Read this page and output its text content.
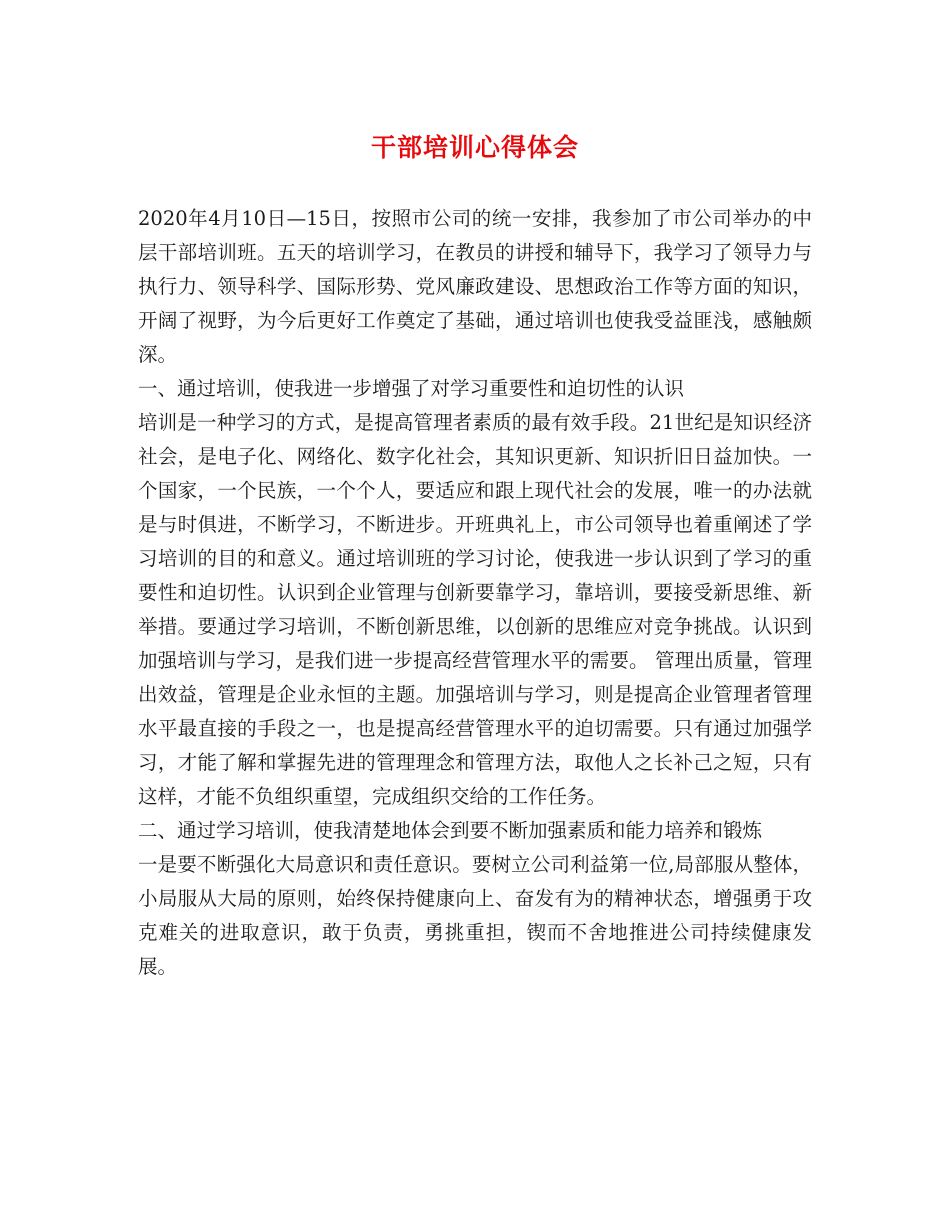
干部培训心得体会

2020年4月10日—15日，按照市公司的统一安排，我参加了市公司举办的中层干部培训班。五天的培训学习，在教员的讲授和辅导下，我学习了领导力与执行力、领导科学、国际形势、党风廉政建设、思想政治工作等方面的知识，开阔了视野，为今后更好工作奠定了基础，通过培训也使我受益匪浅，感触颇深。

一、通过培训，使我进一步增强了对学习重要性和迫切性的认识

培训是一种学习的方式，是提高管理者素质的最有效手段。21世纪是知识经济社会，是电子化、网络化、数字化社会，其知识更新、知识折旧日益加快。一个国家，一个民族，一个个人，要适应和跟上现代社会的发展，唯一的办法就是与时俱进，不断学习，不断进步。开班典礼上，市公司领导也着重阐述了学习培训的目的和意义。通过培训班的学习讨论，使我进一步认识到了学习的重要性和迫切性。认识到企业管理与创新要靠学习，靠培训，要接受新思维、新举措。要通过学习培训，不断创新思维，以创新的思维应对竞争挑战。认识到加强培训与学习，是我们进一步提高经营管理水平的需要。 管理出质量，管理出效益，管理是企业永恒的主题。加强培训与学习，则是提高企业管理者管理水平最直接的手段之一，也是提高经营管理水平的迫切需要。只有通过加强学习，才能了解和掌握先进的管理理念和管理方法，取他人之长补己之短，只有这样，才能不负组织重望，完成组织交给的工作任务。

二、通过学习培训，使我清楚地体会到要不断加强素质和能力培养和锻炼

一是要不断强化大局意识和责任意识。要树立公司利益第一位,局部服从整体，小局服从大局的原则，始终保持健康向上、奋发有为的精神状态，增强勇于攻克难关的进取意识，敢于负责，勇挑重担，锲而不舍地推进公司持续健康发展。
